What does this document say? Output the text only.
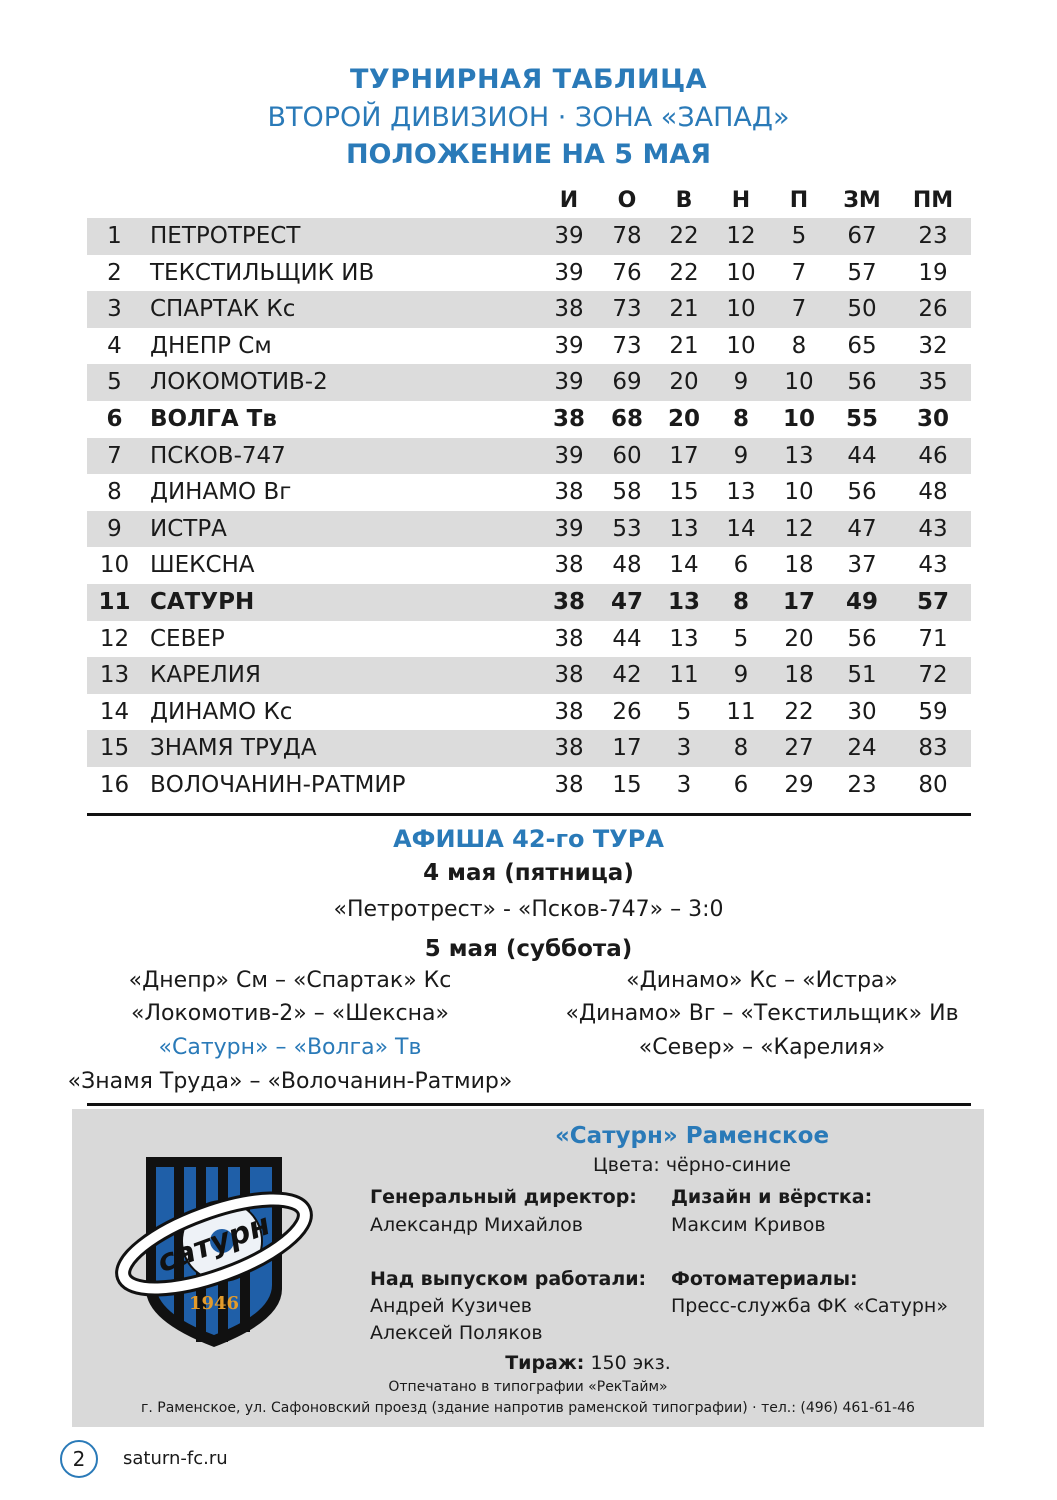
ТУРНИРНАЯ ТАБЛИЦА
ВТОРОЙ ДИВИЗИОН · ЗОНА «ЗАПАД»
ПОЛОЖЕНИЕ НА 5 МАЯ
И	О	В	Н	П	ЗМ ПМ
1	ПЕТРОТРЕСТ	39	78	22	12	5	67	23
2	ТЕКСТИЛЬЩИК ИВ	39	76	22	10	7	57	19
3	СПАРТАК Кс	38	73	21	10	7	50	26
4	ДНЕПР См	39	73	21	10	8	65	32
5	ЛОКОМОТИВ-2	39	69	20	9	10	56	35
6	ВОЛГА Тв	38 68 20	8	10	55	30
7	ПСКОВ-747	39	60	17	9	13	44	46
8	ДИНАМО Вг	38	58	15	13	10	56	48
9	ИСТРА	39	53	13	14	12	47	43
10 ШЕКСНА	38	48	14	6	18	37	43
11 САТУРН	38 47 13	8	17	49	57
12 СЕВЕР	38	44	13	5	20	56	71
13 КАРЕЛИЯ	38	42	11	9	18	51	72
14 ДИНАМО Кс	38	26	5	11	22	30	59
15 ЗНАМЯ ТРУДА	38	17	3	8	27	24	83
16 ВОЛОЧАНИН-РАТМИР	38	15	3	6	29	23	80
АФИША 42-го ТУРА
4 мая (пятница)
«Петротрест» - «Псков-747» – 3:0
5 мая (суббота)
«Днепр» См – «Спартак» Кс
«Локомотив-2» – «Шексна»
«Сатурн» – «Волга» Тв
«Знамя Труда» – «Волочанин-Ратмир»
«Динамо» Кс – «Истра»
«Динамо» Вг – «Текстильщик» Ив
«Север» – «Карелия»
сатурн
1946
«Сатурн» Раменское
Цвета: чёрно-синие
Генеральный директор:
Александр Михайлов
Дизайн и вёрстка:
Максим Кривов
Над выпуском работали:
Андрей Кузичев
Алексей Поляков
Фотоматериалы:
Пресс-служба ФК «Сатурн»
Тираж: 150 экз.
Отпечатано в типографии «РекТайм»
г. Раменское, ул. Сафоновский проезд (здание напротив раменской типографии) · тел.: (496) 461-61-46
2	saturn-fc.ru
